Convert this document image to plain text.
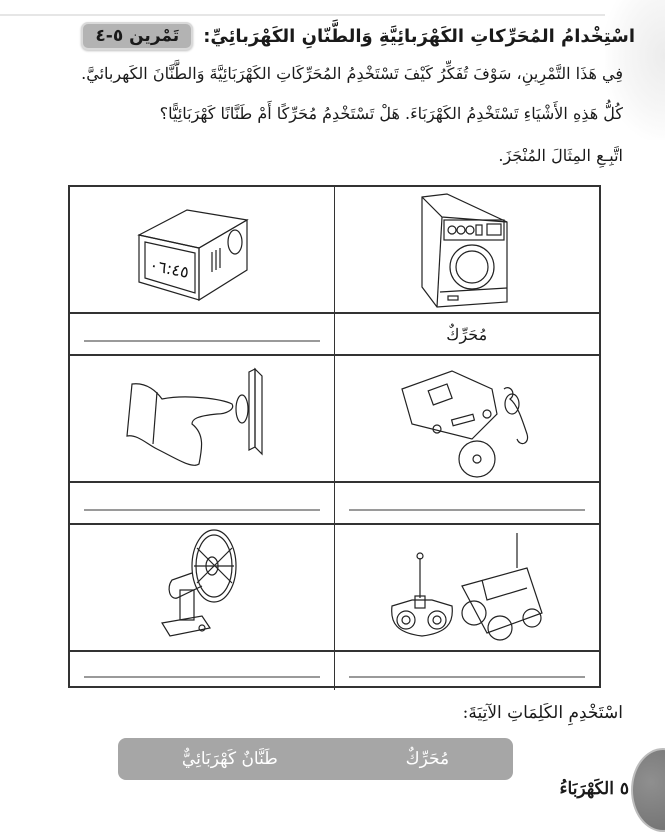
تَمْرين ٥-٤	اسْتِخْدامُ المُحَرِّكاتِ الكَهْرَبائِيَّةِ وَالطَّنّانِ الكَهْرَبائِيِّ:
فِي هَذَا التَّمْرِينِ، سَوْفَ تُفَكِّرُ كَيْفَ تَسْتَخْدِمُ المُحَرِّكَاتِ الكَهْرَبَائِيَّةَ وَالطَّنَّانَ الكَهربائيَّ.
كُلُّ هَذِهِ الأَشْيَاءِ تَسْتَخْدِمُ الكَهْرَبَاءَ. هَلْ تَسْتَخْدِمُ مُحَرِّكًا أَمْ طَنَّانًا كَهْرَبَائِيًّا؟
اتَّبِـعِ المِثَالَ المُنْجَزَ.
٠٦:٤٥
مُحَرِّكٌ
اسْتَخْدِمِ الكَلِمَاتِ الآتِيَةَ:
مُحَرِّكٌ
طَنَّانٌ كَهْرَبَائِيٌّ
٥ الكَهْرَبَاءُ
